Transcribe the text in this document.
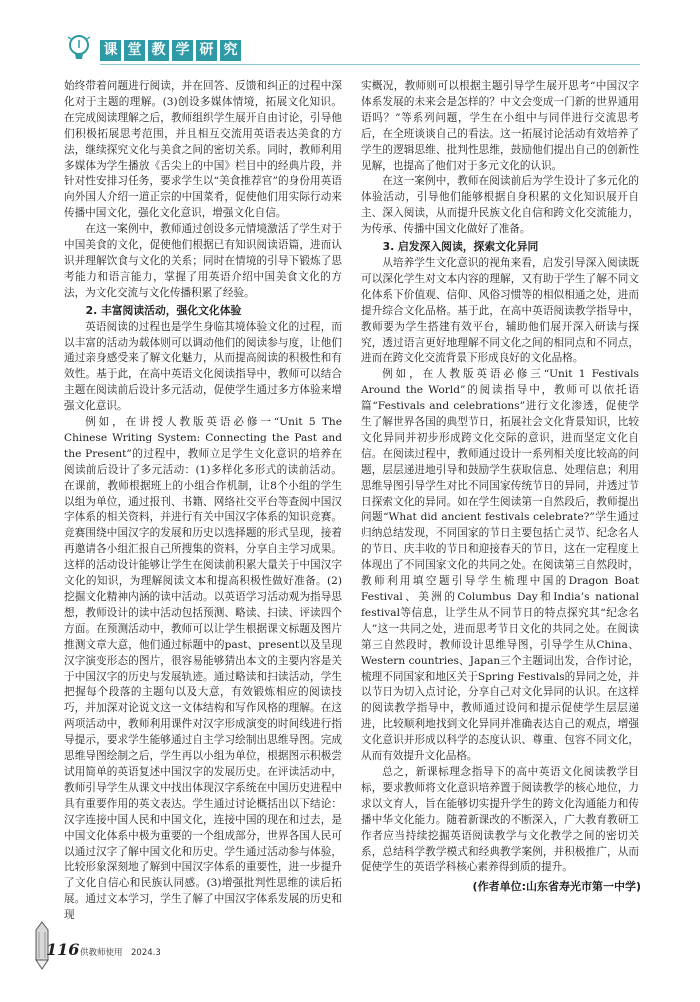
课 堂 教 学 研 究

始终带着问题进行阅读，并在回答、反馈和纠正的过程中深化对于主题的理解。(3)创设多媒体情境，拓展文化知识。在完成阅读理解之后，教师组织学生展开自由讨论，引导他们积极拓展思考范围，并且相互交流用英语表达美食的方法，继续探究文化与美食之间的密切关系。同时，教师利用多媒体为学生播放《舌尖上的中国》栏目中的经典片段，并针对性安排习任务，要求学生以“美食推荐官”的身份用英语向外国人介绍一道正宗的中国菜肴，促使他们用实际行动来传播中国文化，强化文化意识，增强文化自信。

在这一案例中，教师通过创设多元情境激活了学生对于中国美食的文化，促使他们根据已有知识阅读语篇，进而认识并理解饮食与文化的关系；同时在情境的引导下锻炼了思考能力和语言能力，掌握了用英语介绍中国美食文化的方法，为文化交流与文化传播积累了经验。

2. 丰富阅读活动，强化文化体验

英语阅读的过程也是学生身临其境体验文化的过程，而以丰富的活动为载体则可以调动他们的阅读参与度，让他们通过亲身感受来了解文化魅力，从而提高阅读的积极性和有效性。基于此，在高中英语文化阅读指导中，教师可以结合主题在阅读前后设计多元活动，促使学生通过多方体验来增强文化意识。

例如，在讲授人教版英语必修一“Unit 5 The Chinese Writing System: Connecting the Past and the Present”的过程中，教师立足学生文化意识的培养在阅读前后设计了多元活动：(1)多样化多形式的读前活动。在课前，教师根据班上的小组合作机制，让8个小组的学生以组为单位，通过报刊、书籍、网络社交平台等查阅中国汉字体系的相关资料，并进行有关中国汉字体系的知识竞赛。竞赛围绕中国汉字的发展和历史以选择题的形式呈现，接着再邀请各小组汇报自己所搜集的资料，分享自主学习成果。这样的活动设计能够让学生在阅读前积累大量关于中国汉字文化的知识，为理解阅读文本和提高积极性做好准备。(2)挖掘文化精神内涵的读中活动。以英语学习活动观为指导思想，教师设计的读中活动包括预测、略读、扫读、评读四个方面。在预测活动中，教师可以让学生根据课文标题及图片推测文章大意，他们通过标题中的past、present以及呈现汉字演变形态的图片，很容易能够猜出本文的主要内容是关于中国汉字的历史与发展轨迹。通过略读和扫读活动，学生把握每个段落的主题句以及大意，有效锻炼相应的阅读技巧，并加深对论说文这一文体结构和写作风格的理解。在这两项活动中，教师利用课件对汉字形成演变的时间线进行指导提示，要求学生能够通过自主学习绘制出思维导图。完成思维导图绘制之后，学生再以小组为单位，根据图示积极尝试用简单的英语复述中国汉字的发展历史。在评读活动中，教师引导学生从课文中找出体现汉字系统在中国历史进程中具有重要作用的英文表达。学生通过讨论概括出以下结论：汉字连接中国人民和中国文化，连接中国的现在和过去，是中国文化体系中极为重要的一个组成部分，世界各国人民可以通过汉字了解中国文化和历史。学生通过活动参与体验，比较形象深刻地了解到中国汉字体系的重要性，进一步提升了文化自信心和民族认同感。(3)增强批判性思维的读后拓展。通过文本学习，学生了解了中国汉字体系发展的历史和现

实概况，教师则可以根据主题引导学生展开思考“中国汉字体系发展的未来会是怎样的？中文会变成一门新的世界通用语吗？”等系列问题，学生在小组中与同伴进行交流思考后，在全班谈谈自己的看法。这一拓展讨论活动有效培养了学生的逻辑思维、批判性思维，鼓励他们提出自己的创新性见解，也提高了他们对于多元文化的认识。

在这一案例中，教师在阅读前后为学生设计了多元化的体验活动，引导他们能够根据自身积累的文化知识展开自主、深入阅读，从而提升民族文化自信和跨文化交流能力，为传承、传播中国文化做好了准备。

3. 启发深入阅读，探索文化异同

从培养学生文化意识的视角来看，启发引导深入阅读既可以深化学生对文本内容的理解，又有助于学生了解不同文化体系下价值观、信仰、风俗习惯等的相似相通之处，进而提升综合文化品格。基于此，在高中英语阅读教学指导中，教师要为学生搭建有效平台，辅助他们展开深入研读与探究，透过语言更好地理解不同文化之间的相同点和不同点，进而在跨文化交流背景下形成良好的文化品格。

例如，在人教版英语必修三“Unit 1 Festivals Around the World”的阅读指导中，教师可以依托语篇“Festivals and celebrations”进行文化渗透，促使学生了解世界各国的典型节日，拓展社会文化背景知识，比较文化异同并初步形成跨文化交际的意识，进而坚定文化自信。在阅读过程中，教师通过设计一系列相关度比较高的问题，层层递进地引导和鼓励学生获取信息、处理信息；利用思维导图引导学生对比不同国家传统节日的异同，并透过节日探索文化的异同。如在学生阅读第一自然段后，教师提出问题“What did ancient festivals celebrate?”学生通过归纳总结发现，不同国家的节日主要包括亡灵节、纪念名人的节日、庆丰收的节日和迎接春天的节日，这在一定程度上体现出了不同国家文化的共同之处。在阅读第三自然段时，教师利用填空题引导学生梳理中国的Dragon Boat Festival、美洲的Columbus Day和India’s national festival等信息，让学生从不同节日的特点探究其“纪念名人”这一共同之处，进而思考节日文化的共同之处。在阅读第三自然段时，教师设计思维导图，引导学生从China、Western countries、Japan三个主题词出发，合作讨论，梳理不同国家和地区关于Spring Festivals的异同之处，并以节日为切入点讨论，分享自己对文化异同的认识。在这样的阅读教学指导中，教师通过设问和提示促使学生层层递进，比较顺利地找到文化异同并准确表达自己的观点，增强文化意识并形成以科学的态度认识、尊重、包容不同文化，从而有效提升文化品格。

总之，新课标理念指导下的高中英语文化阅读教学目标，要求教师将文化意识培养置于阅读教学的核心地位，力求以文育人，旨在能够切实提升学生的跨文化沟通能力和传播中华文化能力。随着新课改的不断深入，广大教育教研工作者应当持续挖掘英语阅读教学与文化教学之间的密切关系，总结科学教学模式和经典教学案例，并积极推广，从而促使学生的英语学科核心素养得到质的提升。

(作者单位:山东省寿光市第一中学)
116 供教师使用　2024.3
